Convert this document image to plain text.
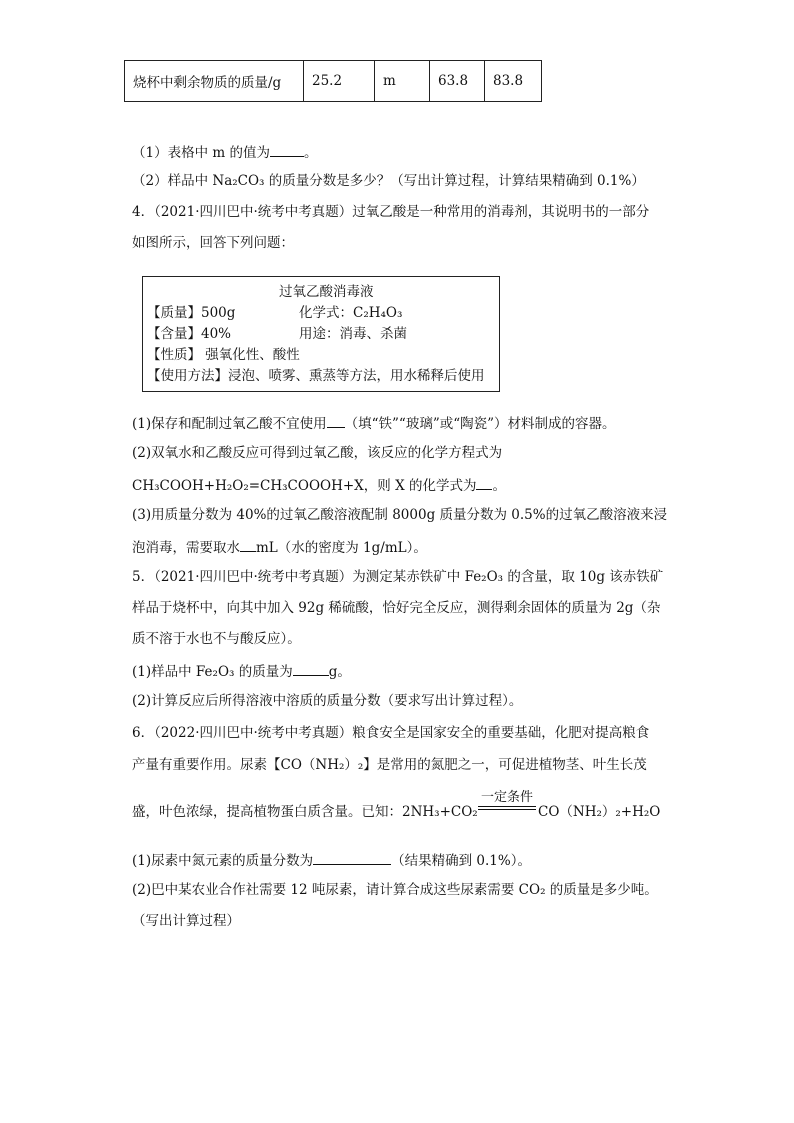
烧杯中剩余物质的质量/g	25.2	m	63.8	83.8
（1）表格中 m 的值为	。
（2）样品中 Na₂CO₃ 的质量分数是多少？（写出计算过程，计算结果精确到 0.1%）
4．（2021·四川巴中·统考中考真题）过氧乙酸是一种常用的消毒剂，其说明书的一部分
如图所示，回答下列问题：
过氧乙酸消毒液
【质量】500g	化学式：C₂H₄O₃
【含量】40%	用途：消毒、杀菌
【性质】 强氧化性、酸性
【使用方法】浸泡、喷雾、熏蒸等方法，用水稀释后使用
(1)保存和配制过氧乙酸不宜使用 （填“铁”“玻璃”或“陶瓷”）材料制成的容器。
(2)双氧水和乙酸反应可得到过氧乙酸，该反应的化学方程式为
CH₃COOH+H₂O₂=CH₃COOOH+X，则 X 的化学式为 。
(3)用质量分数为 40%的过氧乙酸溶液配制 8000g 质量分数为 0.5%的过氧乙酸溶液来浸
泡消毒，需要取水 mL（水的密度为 1g/mL）。
5．（2021·四川巴中·统考中考真题）为测定某赤铁矿中 Fe₂O₃ 的含量，取 10g 该赤铁矿
样品于烧杯中，向其中加入 92g 稀硫酸，恰好完全反应，测得剩余固体的质量为 2g（杂
质不溶于水也不与酸反应）。
(1)样品中 Fe₂O₃ 的质量为	g。
(2)计算反应后所得溶液中溶质的质量分数（要求写出计算过程）。
6．（2022·四川巴中·统考中考真题）粮食安全是国家安全的重要基础，化肥对提高粮食
产量有重要作用。尿素【CO（NH₂）₂】是常用的氮肥之一，可促进植物茎、叶生长茂
盛，叶色浓绿，提高植物蛋白质含量。已知：2NH₃+CO₂
一定条件
CO（NH₂）₂+H₂O
(1)尿素中氮元素的质量分数为	（结果精确到 0.1%）。
(2)巴中某农业合作社需要 12 吨尿素，请计算合成这些尿素需要 CO₂ 的质量是多少吨。
（写出计算过程）
